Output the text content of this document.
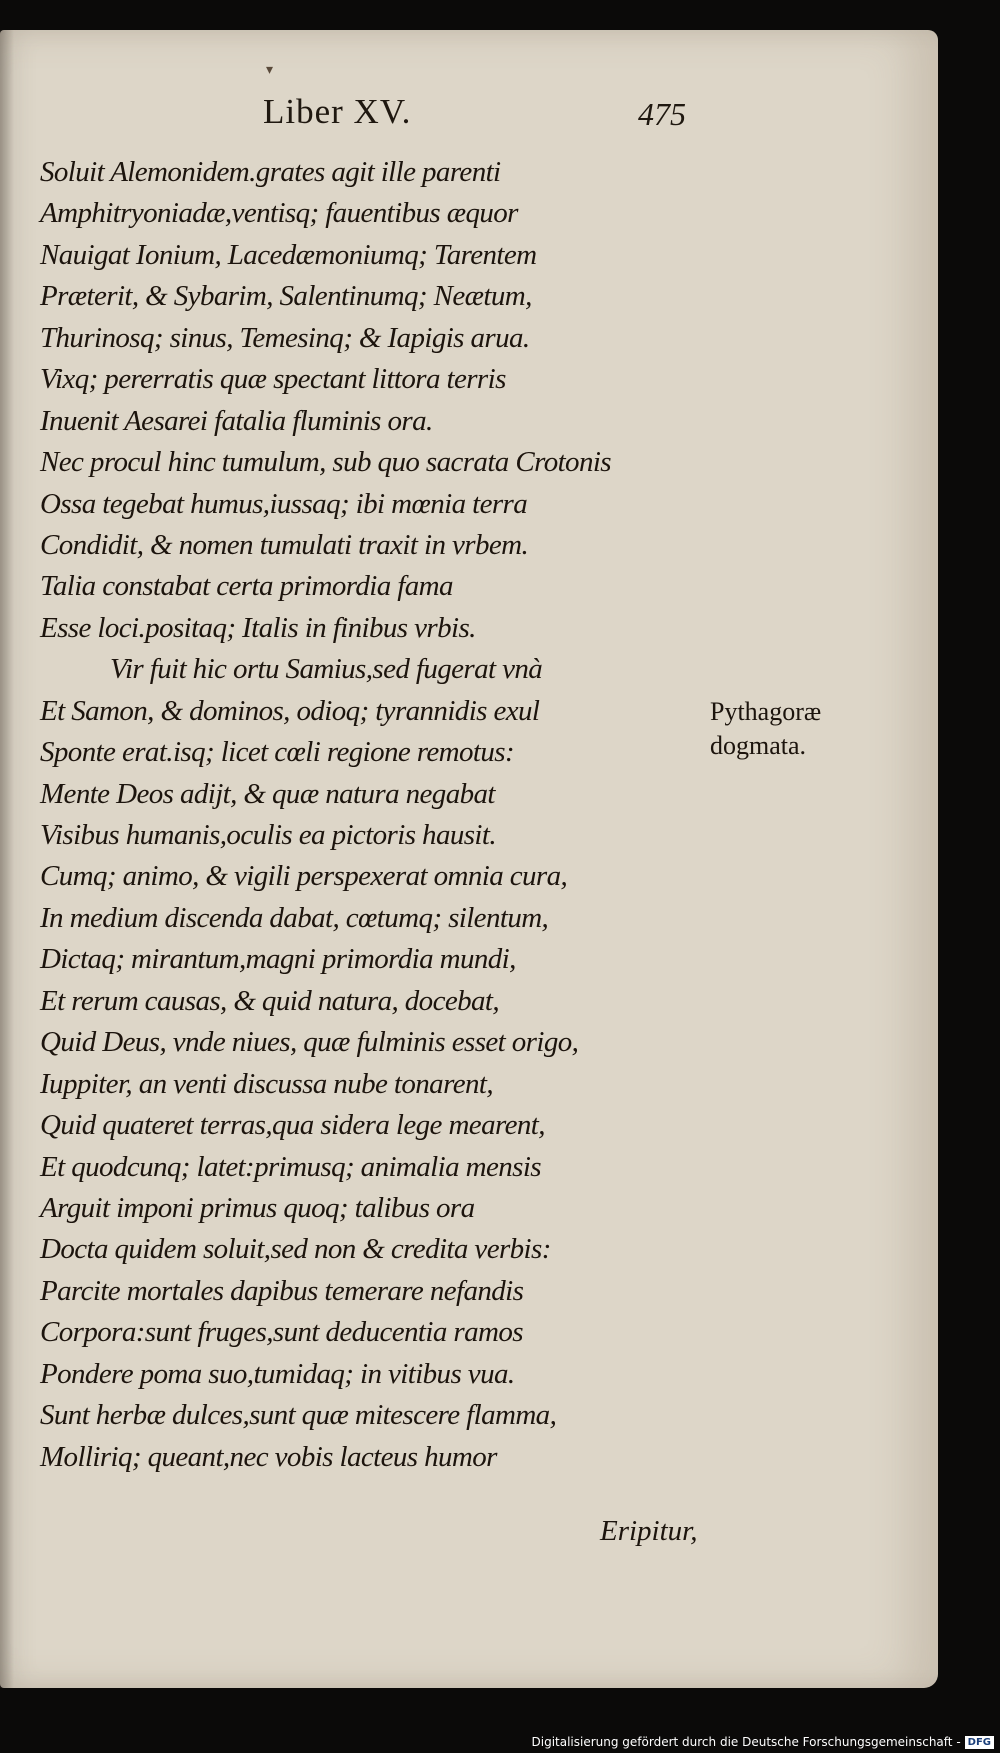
▾
Liber XV.	475
Soluit Alemonidem.grates agit ille parenti
Amphitryoniadæ,ventisq; fauentibus æquor
Nauigat Ionium, Lacedæmoniumq; Tarentem
Præterit, & Sybarim, Salentinumq; Neætum,
Thurinosq; sinus, Temesinq; & Iapigis arua.
Vixq; pererratis quæ spectant littora terris
Inuenit Aesarei fatalia fluminis ora.
Nec procul hinc tumulum, sub quo sacrata Crotonis
Ossa tegebat humus,iussaq; ibi mœnia terra
Condidit, & nomen tumulati traxit in vrbem.
Talia constabat certa primordia fama
Esse loci.positaq; Italis in finibus vrbis.
Vir fuit hic ortu Samius,sed fugerat vnà
Et Samon, & dominos, odioq; tyrannidis exul
Sponte erat.isq; licet cœli regione remotus:
Mente Deos adijt, & quæ natura negabat
Visibus humanis,oculis ea pictoris hausit.
Cumq; animo, & vigili perspexerat omnia cura,
In medium discenda dabat, cœtumq; silentum,
Dictaq; mirantum,magni primordia mundi,
Et rerum causas, & quid natura, docebat,
Quid Deus, vnde niues, quæ fulminis esset origo,
Iuppiter, an venti discussa nube tonarent,
Quid quateret terras,qua sidera lege mearent,
Et quodcunq; latet:primusq; animalia mensis
Arguit imponi primus quoq; talibus ora
Docta quidem soluit,sed non & credita verbis:
Parcite mortales dapibus temerare nefandis
Corpora:sunt fruges,sunt deducentia ramos
Pondere poma suo,tumidaq; in vitibus vua.
Sunt herbæ dulces,sunt quæ mitescere flamma,
Molliriq; queant,nec vobis lacteus humor
Eripitur,
Pythagoræ
dogmata.
Digitalisierung gefördert durch die Deutsche Forschungsgemeinschaft - DFG
